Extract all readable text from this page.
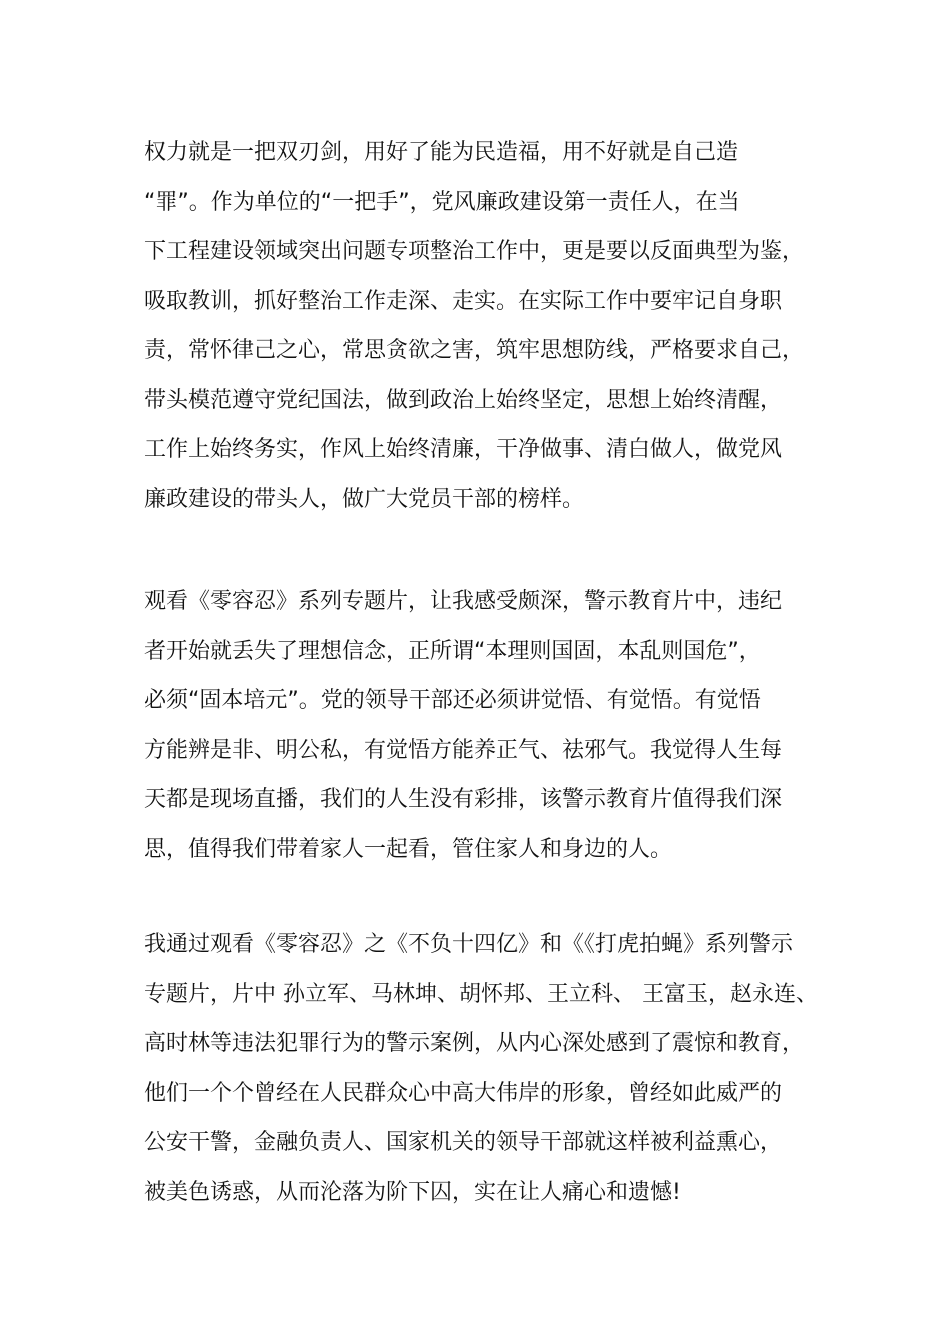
权力就是一把双刃剑，用好了能为民造福，用不好就是自己造
“罪”。作为单位的“一把手”，党风廉政建设第一责任人，在当
下工程建设领域突出问题专项整治工作中，更是要以反面典型为鉴，
吸取教训，抓好整治工作走深、走实。在实际工作中要牢记自身职
责，常怀律己之心，常思贪欲之害，筑牢思想防线，严格要求自己，
带头模范遵守党纪国法，做到政治上始终坚定，思想上始终清醒，
工作上始终务实，作风上始终清廉，干净做事、清白做人，做党风
廉政建设的带头人，做广大党员干部的榜样。

观看《零容忍》系列专题片，让我感受颇深，警示教育片中，违纪
者开始就丢失了理想信念，正所谓“本理则国固，本乱则国危”，
必须“固本培元”。党的领导干部还必须讲觉悟、有觉悟。有觉悟
方能辨是非、明公私，有觉悟方能养正气、祛邪气。我觉得人生每
天都是现场直播，我们的人生没有彩排，该警示教育片值得我们深
思，值得我们带着家人一起看，管住家人和身边的人。

我通过观看《零容忍》之《不负十四亿》和《《打虎拍蝇》系列警示
专题片，片中 孙立军、马林坤、胡怀邦、王立科、 王富玉，赵永连、
高时林等违法犯罪行为的警示案例，从内心深处感到了震惊和教育，
他们一个个曾经在人民群众心中高大伟岸的形象，曾经如此威严的
公安干警，金融负责人、国家机关的领导干部就这样被利益熏心，
被美色诱惑，从而沦落为阶下囚，实在让人痛心和遗憾!
